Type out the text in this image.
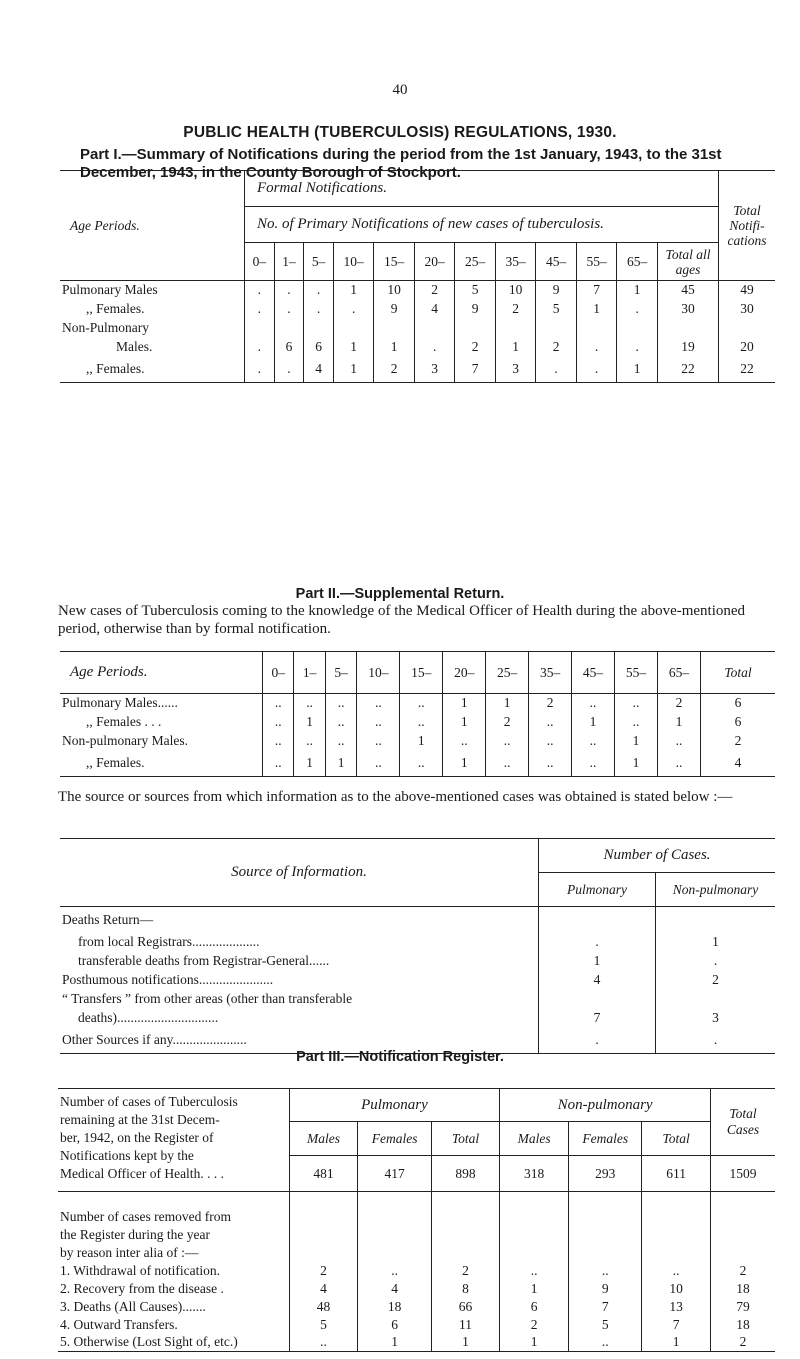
40
PUBLIC HEALTH (TUBERCULOSIS) REGULATIONS, 1930.
Part I.—Summary of Notifications during the period from the 1st January, 1943, to the 31st December, 1943, in the County Borough of Stockport.
Age Periods.	Formal Notifications.												Total Notifi- cations
	No. of Primary Notifications of new cases of tuberculosis.												
	0–	1–	5–	10–	15–	20–	25–	35–	45–	55–	65–	Total all ages	
Pulmonary Males	.	.	.	1	10	2	5	10	9	7	1	45	49
,, Females.	.	.	.	.	9	4	9	2	5	1	.	30	30
Non-Pulmonary													
Males.	.	6	6	1	1	.	2	1	2	.	.	19	20
,, Females.	.	.	4	1	2	3	7	3	.	.	1	22	22
Part II.—Supplemental Return.
New cases of Tuberculosis coming to the knowledge of the Medical Officer of Health during the above-mentioned period, otherwise than by formal notification.
Age Periods.	0–	1–	5–	10–	15–	20–	25–	35–	45–	55–	65–	Total
Pulmonary Males......	..	..	..	..	..	1	1	2	..	..	2	6
,, Females . . .	..	1	..	..	..	1	2	..	1	..	1	6
Non-pulmonary Males.	..	..	..	..	1	..	..	..	..	1	..	2
,, Females.	..	1	1	..	..	1	..	..	..	1	..	4
The source or sources from which information as to the above-mentioned cases was obtained is stated below :—
Source of Information.	Number of Cases.	
	Pulmonary	Non-pulmonary
Deaths Return—		
from local Registrars....................	.	1
transferable deaths from Registrar-General......	1	.
Posthumous notifications......................	4	2
“ Transfers ” from other areas (other than transferable		
deaths)..............................	7	3
Other Sources if any......................	.	.
Part III.—Notification Register.
Number of cases of Tuberculosis
remaining at the 31st Decem-
ber, 1942, on the Register of
Notifications kept by the
Medical Officer of Health. . . .	Pulmonary			Non-pulmonary			Total Cases
	Males	Females	Total	Males	Females	Total	
	481	417	898	318	293	611	1509

Number of cases removed from
the Register during the year
by reason inter alia of :—							

1. Withdrawal of notification.	2	..	2	..	..	..	2
2. Recovery from the disease .	4	4	8	1	9	10	18
3. Deaths (All Causes).......	48	18	66	6	7	13	79
4. Outward Transfers.	5	6	11	2	5	7	18
5. Otherwise (Lost Sight of, etc.)	..	1	1	1	..	1	2
